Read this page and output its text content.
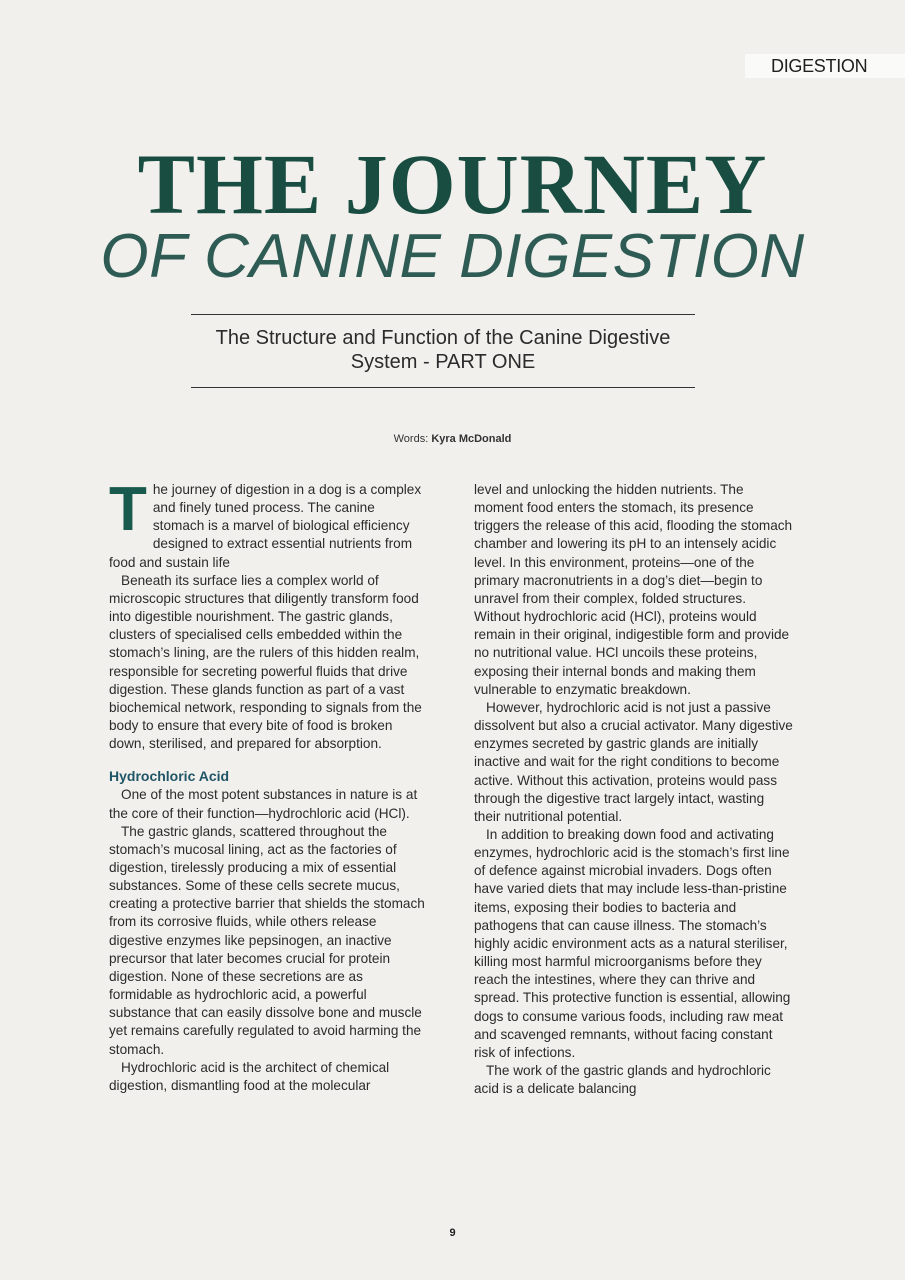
DIGESTION
THE JOURNEY
OF CANINE DIGESTION
The Structure and Function of the Canine Digestive System - PART ONE
Words: Kyra McDonald

The journey of digestion in a dog is a complex and finely tuned process. The canine stomach is a marvel of biological efficiency designed to extract essential nutrients from food and sustain life

Beneath its surface lies a complex world of microscopic structures that diligently transform food into digestible nourishment. The gastric glands, clusters of specialised cells embedded within the stomach’s lining, are the rulers of this hidden realm, responsible for secreting powerful fluids that drive digestion. These glands function as part of a vast biochemical network, responding to signals from the body to ensure that every bite of food is broken down, sterilised, and prepared for absorption.

Hydrochloric Acid

One of the most potent substances in nature is at the core of their function—hydrochloric acid (HCl).

The gastric glands, scattered throughout the stomach’s mucosal lining, act as the factories of digestion, tirelessly producing a mix of essential substances. Some of these cells secrete mucus, creating a protective barrier that shields the stomach from its corrosive fluids, while others release digestive enzymes like pepsinogen, an inactive precursor that later becomes crucial for protein digestion. None of these secretions are as formidable as hydrochloric acid, a powerful substance that can easily dissolve bone and muscle yet remains carefully regulated to avoid harming the stomach.

Hydrochloric acid is the architect of chemical digestion, dismantling food at the molecular

level and unlocking the hidden nutrients. The moment food enters the stomach, its presence triggers the release of this acid, flooding the stomach chamber and lowering its pH to an intensely acidic level. In this environment, proteins—one of the primary macronutrients in a dog’s diet—begin to unravel from their complex, folded structures. Without hydrochloric acid (HCl), proteins would remain in their original, indigestible form and provide no nutritional value. HCl uncoils these proteins, exposing their internal bonds and making them vulnerable to enzymatic breakdown.

However, hydrochloric acid is not just a passive dissolvent but also a crucial activator. Many digestive enzymes secreted by gastric glands are initially inactive and wait for the right conditions to become active. Without this activation, proteins would pass through the digestive tract largely intact, wasting their nutritional potential.

In addition to breaking down food and activating enzymes, hydrochloric acid is the stomach’s first line of defence against microbial invaders. Dogs often have varied diets that may include less-than-pristine items, exposing their bodies to bacteria and pathogens that can cause illness. The stomach’s highly acidic environment acts as a natural steriliser, killing most harmful microorganisms before they reach the intestines, where they can thrive and spread. This protective function is essential, allowing dogs to consume various foods, including raw meat and scavenged remnants, without facing constant risk of infections.

The work of the gastric glands and hydrochloric acid is a delicate balancing

9
